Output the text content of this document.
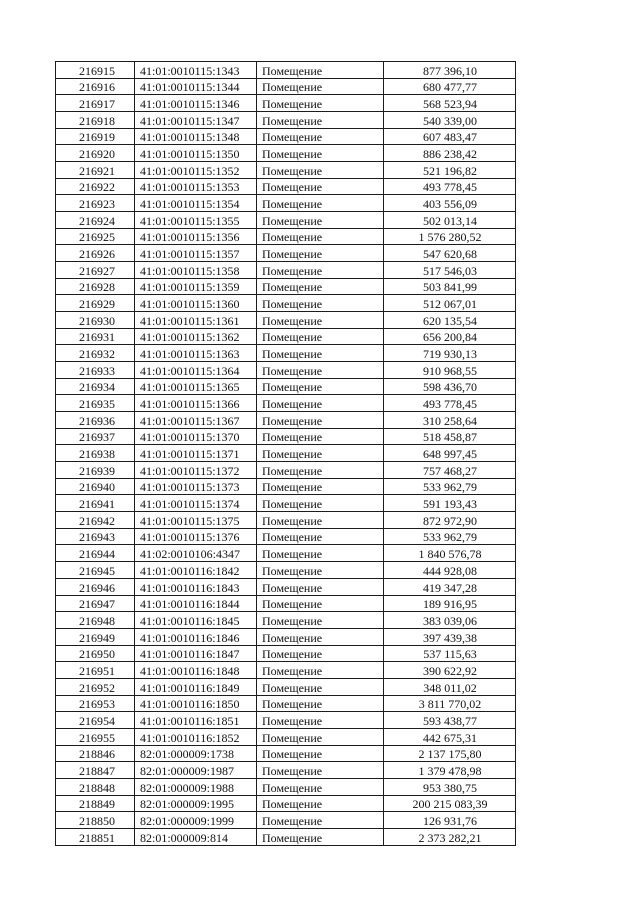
216915	41:01:0010115:1343	Помещение	877 396,10
216916	41:01:0010115:1344	Помещение	680 477,77
216917	41:01:0010115:1346	Помещение	568 523,94
216918	41:01:0010115:1347	Помещение	540 339,00
216919	41:01:0010115:1348	Помещение	607 483,47
216920	41:01:0010115:1350	Помещение	886 238,42
216921	41:01:0010115:1352	Помещение	521 196,82
216922	41:01:0010115:1353	Помещение	493 778,45
216923	41:01:0010115:1354	Помещение	403 556,09
216924	41:01:0010115:1355	Помещение	502 013,14
216925	41:01:0010115:1356	Помещение	1 576 280,52
216926	41:01:0010115:1357	Помещение	547 620,68
216927	41:01:0010115:1358	Помещение	517 546,03
216928	41:01:0010115:1359	Помещение	503 841,99
216929	41:01:0010115:1360	Помещение	512 067,01
216930	41:01:0010115:1361	Помещение	620 135,54
216931	41:01:0010115:1362	Помещение	656 200,84
216932	41:01:0010115:1363	Помещение	719 930,13
216933	41:01:0010115:1364	Помещение	910 968,55
216934	41:01:0010115:1365	Помещение	598 436,70
216935	41:01:0010115:1366	Помещение	493 778,45
216936	41:01:0010115:1367	Помещение	310 258,64
216937	41:01:0010115:1370	Помещение	518 458,87
216938	41:01:0010115:1371	Помещение	648 997,45
216939	41:01:0010115:1372	Помещение	757 468,27
216940	41:01:0010115:1373	Помещение	533 962,79
216941	41:01:0010115:1374	Помещение	591 193,43
216942	41:01:0010115:1375	Помещение	872 972,90
216943	41:01:0010115:1376	Помещение	533 962,79
216944	41:02:0010106:4347	Помещение	1 840 576,78
216945	41:01:0010116:1842	Помещение	444 928,08
216946	41:01:0010116:1843	Помещение	419 347,28
216947	41:01:0010116:1844	Помещение	189 916,95
216948	41:01:0010116:1845	Помещение	383 039,06
216949	41:01:0010116:1846	Помещение	397 439,38
216950	41:01:0010116:1847	Помещение	537 115,63
216951	41:01:0010116:1848	Помещение	390 622,92
216952	41:01:0010116:1849	Помещение	348 011,02
216953	41:01:0010116:1850	Помещение	3 811 770,02
216954	41:01:0010116:1851	Помещение	593 438,77
216955	41:01:0010116:1852	Помещение	442 675,31
218846	82:01:000009:1738	Помещение	2 137 175,80
218847	82:01:000009:1987	Помещение	1 379 478,98
218848	82:01:000009:1988	Помещение	953 380,75
218849	82:01:000009:1995	Помещение	200 215 083,39
218850	82:01:000009:1999	Помещение	126 931,76
218851	82:01:000009:814	Помещение	2 373 282,21
